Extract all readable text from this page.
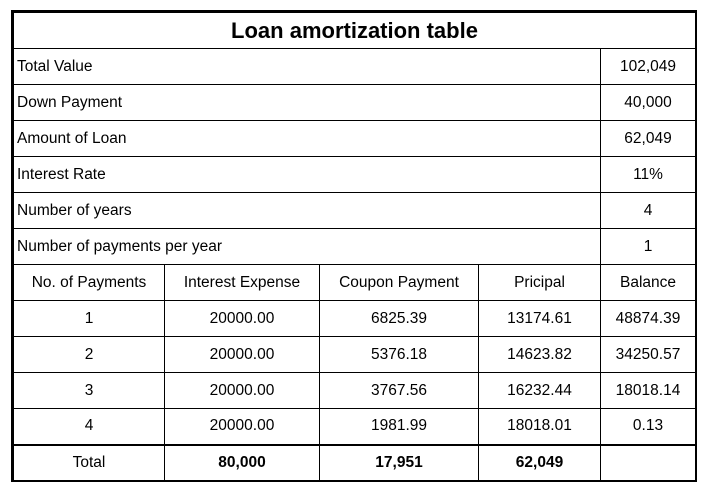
Loan amortization table				
Total Value				102,049
Down Payment				40,000
Amount of Loan				62,049
Interest Rate				11%
Number of years				4
Number of payments per year				1
No. of Payments	Interest Expense	Coupon Payment	Pricipal	Balance
1	20000.00	6825.39	13174.61	48874.39
2	20000.00	5376.18	14623.82	34250.57
3	20000.00	3767.56	16232.44	18018.14
4	20000.00	1981.99	18018.01	0.13
Total	80,000	17,951	62,049	
